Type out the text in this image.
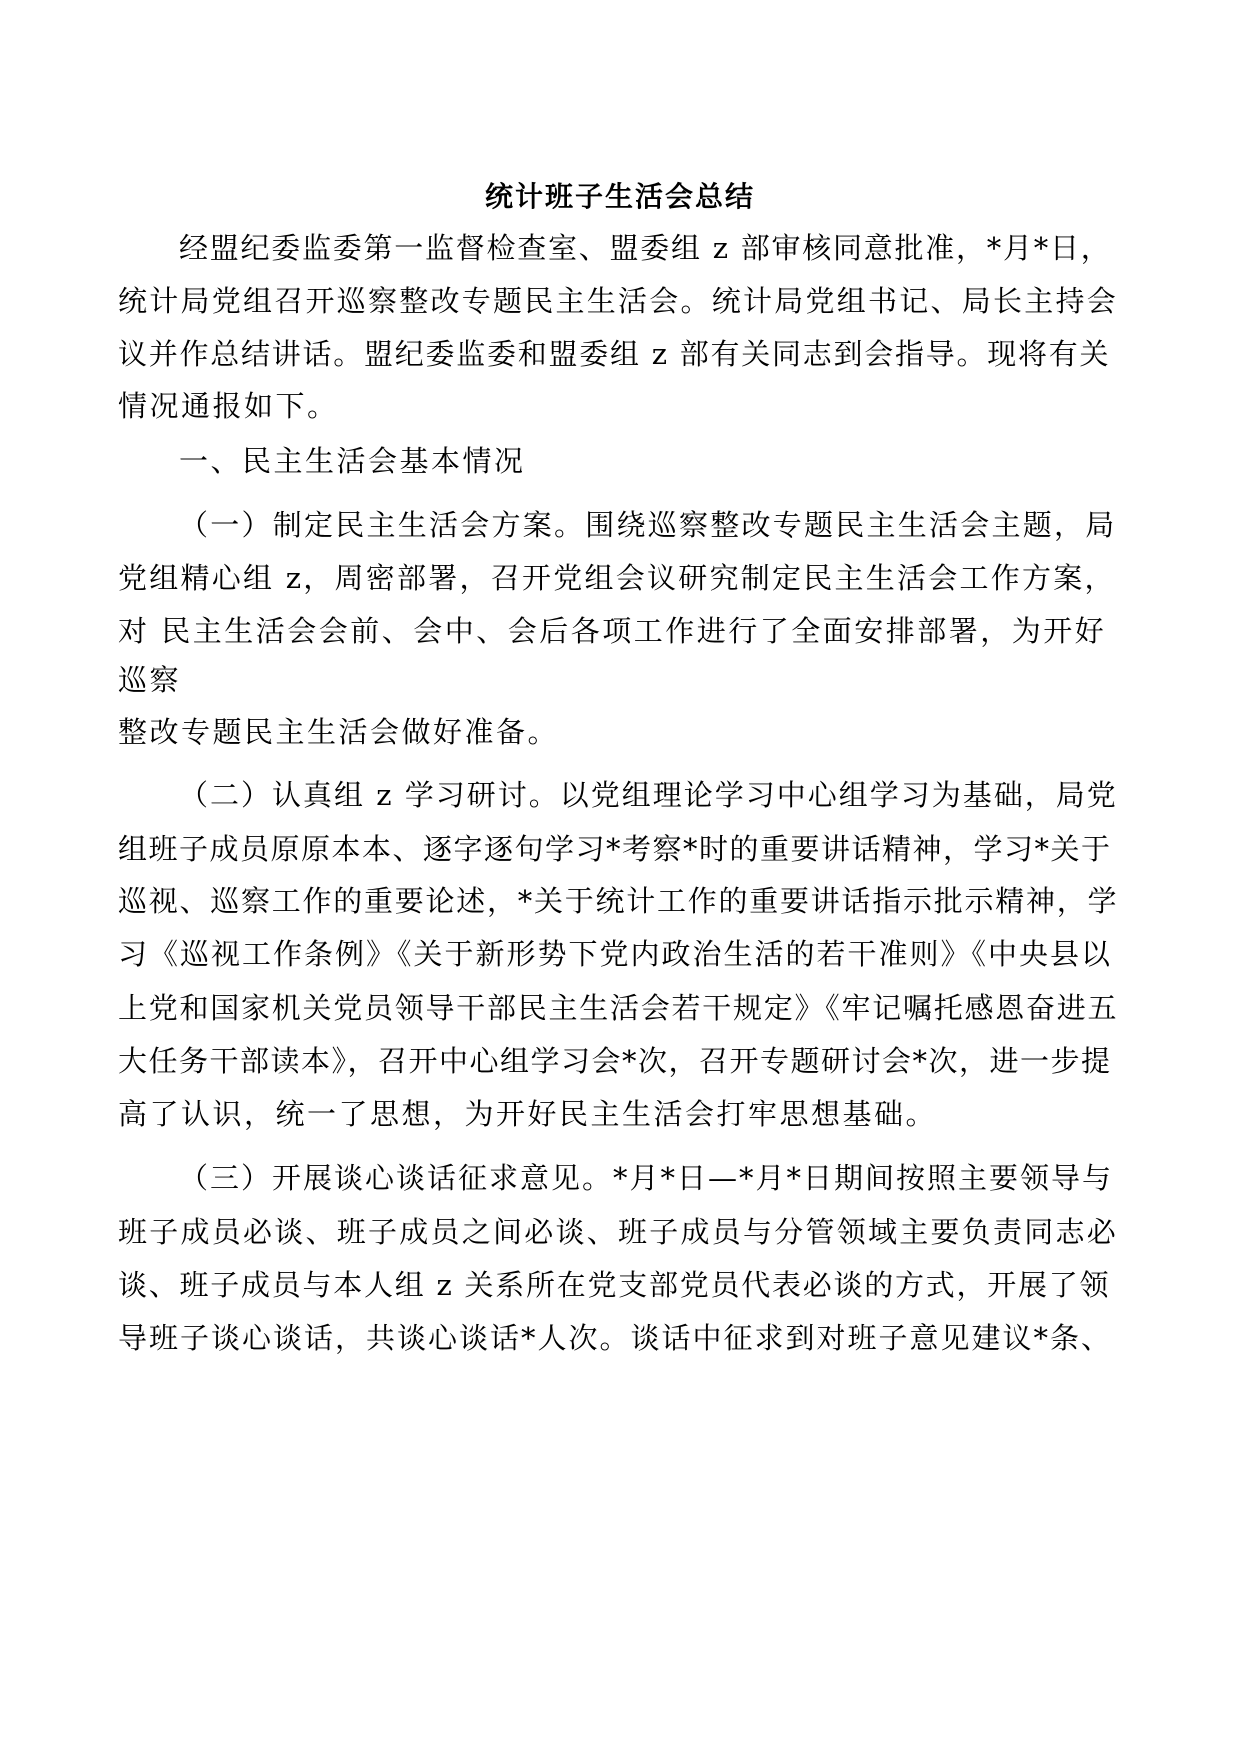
统计班子生活会总结
经盟纪委监委第一监督检查室、盟委组 z 部审核同意批准，*月*日，
统计局党组召开巡察整改专题民主生活会。统计局党组书记、局长主持会
议并作总结讲话。盟纪委监委和盟委组 z 部有关同志到会指导。现将有关
情况通报如下。
一、民主生活会基本情况
（一）制定民主生活会方案。围绕巡察整改专题民主生活会主题，局
党组精心组 z，周密部署，召开党组会议研究制定民主生活会工作方案，
对 民主生活会会前、会中、会后各项工作进行了全面安排部署，为开好
巡察
整改专题民主生活会做好准备。
（二）认真组 z 学习研讨。以党组理论学习中心组学习为基础，局党
组班子成员原原本本、逐字逐句学习*考察*时的重要讲话精神，学习*关于
巡视、巡察工作的重要论述，*关于统计工作的重要讲话指示批示精神，学
习《巡视工作条例》《关于新形势下党内政治生活的若干准则》《中央县以
上党和国家机关党员领导干部民主生活会若干规定》《牢记嘱托感恩奋进五
大任务干部读本》，召开中心组学习会*次，召开专题研讨会*次，进一步提
高了认识，统一了思想，为开好民主生活会打牢思想基础。
（三）开展谈心谈话征求意见。*月*日—*月*日期间按照主要领导与
班子成员必谈、班子成员之间必谈、班子成员与分管领域主要负责同志必
谈、班子成员与本人组 z 关系所在党支部党员代表必谈的方式，开展了领
导班子谈心谈话，共谈心谈话*人次。谈话中征求到对班子意见建议*条、
